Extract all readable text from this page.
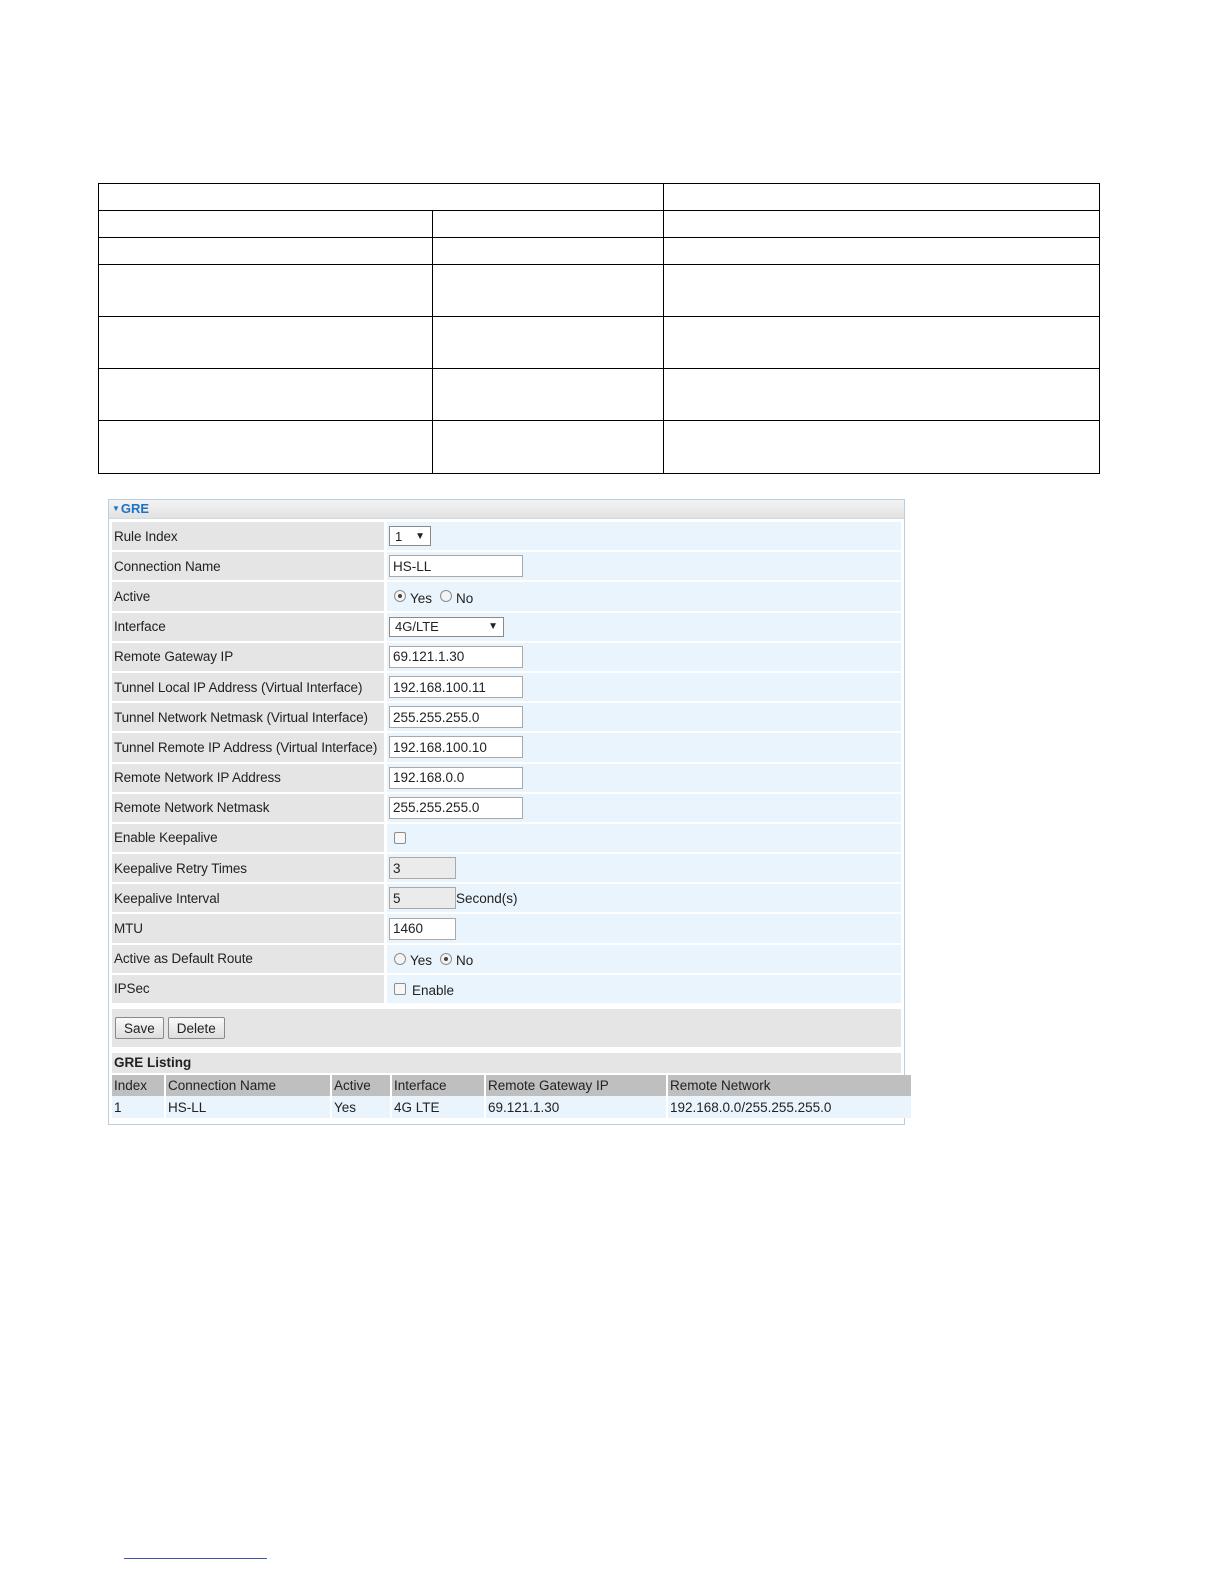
▼GRE
Rule Index	1 ▼
Connection Name	HS-LL
Active	Yes No
Interface	4G/LTE	▼
Remote Gateway IP	69.121.1.30
Tunnel Local IP Address (Virtual Interface)	192.168.100.11
Tunnel Network Netmask (Virtual Interface)	255.255.255.0
Tunnel Remote IP Address (Virtual Interface)	192.168.100.10
Remote Network IP Address	192.168.0.0
Remote Network Netmask	255.255.255.0
Enable Keepalive
Keepalive Retry Times	3
Keepalive Interval	5	Second(s)
MTU	1460
Active as Default Route	Yes No
IPSec	Enable
Save	Delete
GRE Listing
Index	Connection Name	Active	Interface	Remote Gateway IP	Remote Network
1	HS-LL	Yes	4G LTE	69.121.1.30	192.168.0.0/255.255.255.0
